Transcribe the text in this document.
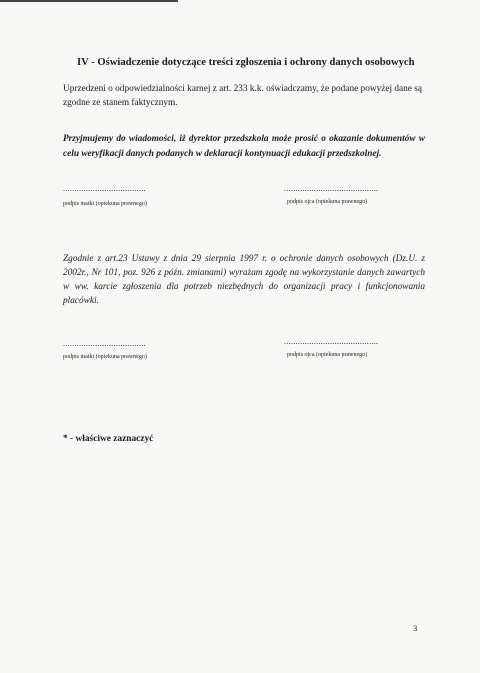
IV - Oświadczenie dotyczące treści zgłoszenia i ochrony danych osobowych
Uprzedzeni o odpowiedzialności karnej z art. 233 k.k. oświadczamy, że podane powyżej dane są zgodne ze stanem faktycznym.
Przyjmujemy do wiadomości, iż dyrektor przedszkola może prosić o okazanie dokumentów w celu weryfikacji danych podanych w deklaracji kontynuacji edukacji przedszkolnej.
....................................
podpis matki (opiekuna prawnego)
.........................................
podpis ojca (opiekuna prawnego)
Zgodnie z art.23 Ustawy z dnia 29 sierpnia 1997 r. o ochronie danych osobowych (Dz.U. z 2002r., Nr 101, poz. 926 z późn. zmianami) wyrażam zgodę na wykorzystanie danych zawartych w ww. karcie zgłoszenia dla potrzeb niezbędnych do organizacji pracy i funkcjonowania placówki.
....................................
podpis matki (opiekuna prawnego)
.........................................
podpis ojca (opiekuna prawnego)
* - właściwe zaznaczyć
3
